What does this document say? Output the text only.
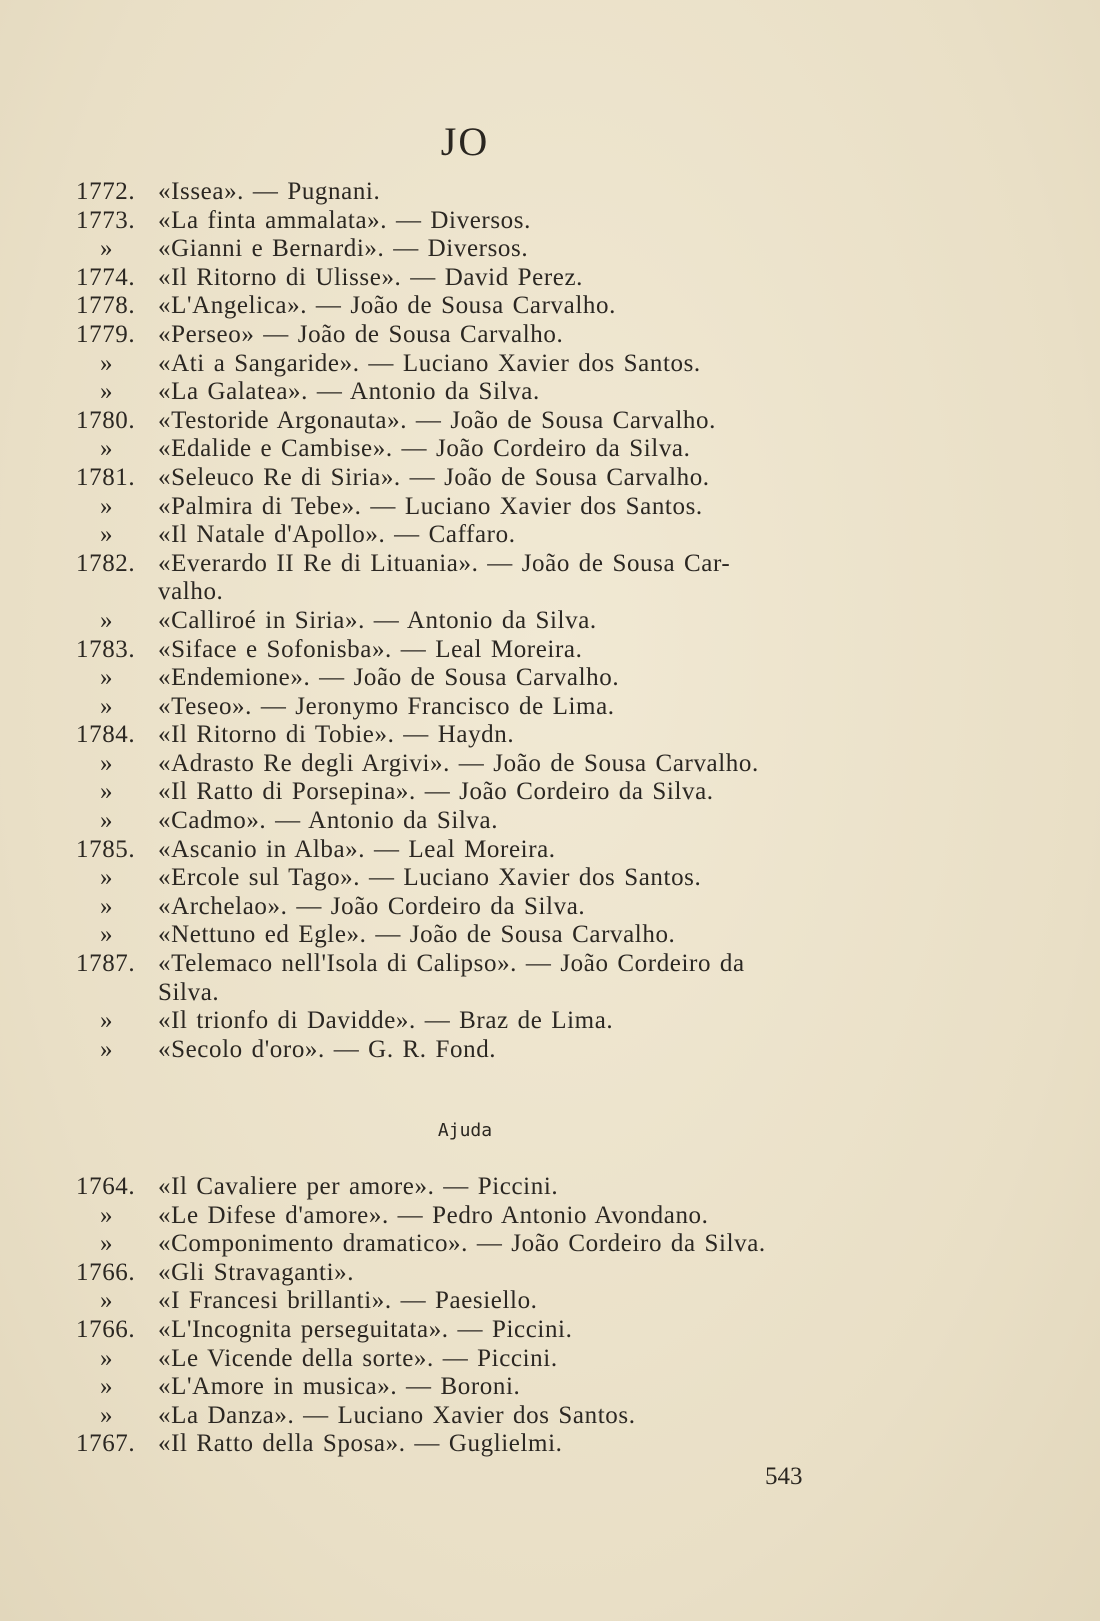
JO
1772. «Issea». — Pugnani.
1773. «La finta ammalata». — Diversos.
»	«Gianni e Bernardi». — Diversos.
1774. «Il Ritorno di Ulisse». — David Perez.
1778. «L'Angelica». — João de Sousa Carvalho.
1779. «Perseo» — João de Sousa Carvalho.
»	«Ati a Sangaride». — Luciano Xavier dos Santos.
»	«La Galatea». — Antonio da Silva.
1780. «Testoride Argonauta». — João de Sousa Carvalho.
»	«Edalide e Cambise». — João Cordeiro da Silva.
1781. «Seleuco Re di Siria». — João de Sousa Carvalho.
»	«Palmira di Tebe». — Luciano Xavier dos Santos.
»	«Il Natale d'Apollo». — Caffaro.
1782. «Everardo II Re di Lituania». — João de Sousa Car-
valho.
»	«Calliroé in Siria». — Antonio da Silva.
1783. «Siface e Sofonisba». — Leal Moreira.
»	«Endemione». — João de Sousa Carvalho.
»	«Teseo». — Jeronymo Francisco de Lima.
1784. «Il Ritorno di Tobie». — Haydn.
»	«Adrasto Re degli Argivi». — João de Sousa Carvalho.
»	«Il Ratto di Porsepina». — João Cordeiro da Silva.
»	«Cadmo». — Antonio da Silva.
1785. «Ascanio in Alba». — Leal Moreira.
»	«Ercole sul Tago». — Luciano Xavier dos Santos.
»	«Archelao». — João Cordeiro da Silva.
»	«Nettuno ed Egle». — João de Sousa Carvalho.
1787. «Telemaco nell'Isola di Calipso». — João Cordeiro da
Silva.
»	«Il trionfo di Davidde». — Braz de Lima.
»	«Secolo d'oro». — G. R. Fond.
Ajuda
1764. «Il Cavaliere per amore». — Piccini.
»	«Le Difese d'amore». — Pedro Antonio Avondano.
»	«Componimento dramatico». — João Cordeiro da Silva.
1766. «Gli Stravaganti».
»	«I Francesi brillanti». — Paesiello.
1766. «L'Incognita perseguitata». — Piccini.
»	«Le Vicende della sorte». — Piccini.
»	«L'Amore in musica». — Boroni.
»	«La Danza». — Luciano Xavier dos Santos.
1767. «Il Ratto della Sposa». — Guglielmi.
543
